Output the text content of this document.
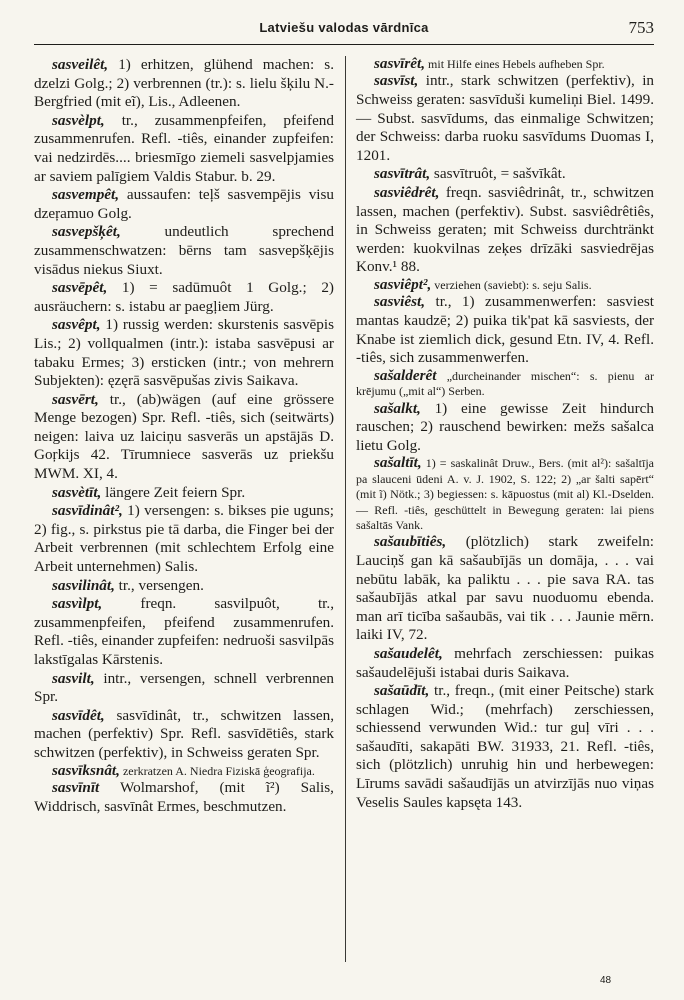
Latviešu valodas vārdnīca	753

sasveilêt, 1) erhitzen, glühend machen: s. dzelzi Golg.; 2) verbrennen (tr.): s. lielu šķilu N.-Bergfried (mit eĩ), Lis., Adleenen.

sasvèlpt, tr., zusammenpfeifen, pfeifend zusammenrufen. Refl. -tiês, einander zupfeifen: vai nedzirdēs.... briesmīgo ziemeli sasvelpjamies ar saviem palīgiem Valdis Stabur. b. 29.

sasvempêt, aussaufen: teļš sasvempējis visu dzeŗamuo Golg.

sasvepšķêt,	undeutlich sprechend zusammenschwatzen: bērns tam sasvepšķējis visādus niekus Siuxt.

sasvēpêt, 1) = sadūmuôt 1 Golg.; 2) ausräuchern: s. istabu ar paegļiem Jürg.

sasvêpt, 1) russig werden: skurstenis sasvēpis Lis.; 2) vollqualmen (intr.): istaba sasvēpusi ar tabaku Ermes; 3) ersticken (intr.; von mehrern Subjekten): ęzęrā sasvēpušas zivis Saikava.

sasvērt, tr., (ab)wägen (auf eine grössere Menge bezogen) Spr. Refl. -tiês, sich (seitwärts) neigen: laiva uz laiciņu sasverās un apstājās D. Goŗkijs 42. Tīrumniece sasverās uz priekšu MWM. XI, 4.

sasvètīt, längere Zeit feiern Spr.

sasvīdinât², 1) versengen: s. bikses pie uguns; 2) fig., s. pirkstus pie tā darba, die Finger bei der Arbeit verbrennen (mit schlechtem Erfolg eine Arbeit unternehmen) Salis.

sasvilinât, tr., versengen.

sasvìlpt,	freqn. sasvilpuôt, tr., zusammenpfeifen, pfeifend zusammenrufen. Refl. -tiês, einander zupfeifen: nedruoši sasvilpās lakstīgalas Kārstenis.

sasvilt, intr., versengen, schnell verbrennen Spr.

sasvīdêt, sasvīdinât, tr., schwitzen lassen, machen (perfektiv) Spr. Refl. sasvīdētiês, stark schwitzen (perfektiv), in Schweiss geraten Spr.

sasvīksnât, zerkratzen A. Niedra Fiziskā ģeografija.

sasvīnīt Wolmarshof, (mit ĩ²) Salis, Widdrisch, sasvīnât Ermes, beschmutzen.

sasvīrêt, mit Hilfe eines Hebels aufheben Spr.

sasvīst, intr., stark schwitzen (perfektiv), in Schweiss geraten: sasvīduši kumeliņi Biel. 1499. — Subst. sasvīdums, das einmalige Schwitzen; der Schweiss: darba ruoku sasvīdums Duomas I, 1201.

sasvītrât, sasvītruôt, = sašvīkât.

sasviêdrêt, freqn. sasviêdrinât, tr., schwitzen lassen, machen (perfektiv). Subst. sasviêdrêtiês, in Schweiss geraten; mit Schweiss durchtränkt werden: kuokvilnas zeķes drīzāki sasviedrējas Konv.¹ 88.

sasviêpt², verziehen (saviebt): s. seju Salis.

sasviêst, tr., 1) zusammenwerfen: sasviest mantas kaudzē; 2) puika tik'pat kā sasviests, der Knabe ist ziemlich dick, gesund Etn. IV, 4. Refl. -tiês, sich zusammenwerfen.

sašalderêt „durcheinander mischen“: s. pienu ar krējumu („mit al“) Serben.

sašalkt, 1) eine gewisse Zeit hindurch rauschen; 2) rauschend bewirken: mežs sašalca lietu Golg.

sašaltīt, 1) = saskalinât Druw., Bers. (mit al²): sašaltīja pa slauceni ūdeni A. v. J. 1902, S. 122; 2) „ar šalti sapērt“ (mit ĩ) Nötk.; 3) begiessen: s. kāpuostus (mit al) Kl.-Dselden. — Refl. -tiês, geschüttelt in Bewegung geraten: lai piens sašaltās Vank.

sašaubītiês, (plötzlich) stark zweifeln: Lauciņš gan kā sašaubījās un domāja, . . . vai nebūtu labāk, ka paliktu . . . pie sava RA. tas sašaubījās atkal par savu nuoduomu ebenda. man arī ticība sašaubās, vai tik . . . Jaunie mērn. laiki IV, 72.

sašaudelêt, mehrfach zerschiessen: puikas sašaudelējuši istabai duris Saikava.

sašaūdīt, tr., freqn., (mit einer Peitsche) stark schlagen Wid.; (mehrfach) zerschiessen, schiessend verwunden Wid.: tur guļ vīri . . . sašaudīti, sakapāti BW. 31933, 21. Refl. -tiês, sich (plötzlich) unruhig hin und herbewegen: Līrums savādi sašaudījās un atvirzījās nuo viņas Veselis Saules kapsęta 143.

48
